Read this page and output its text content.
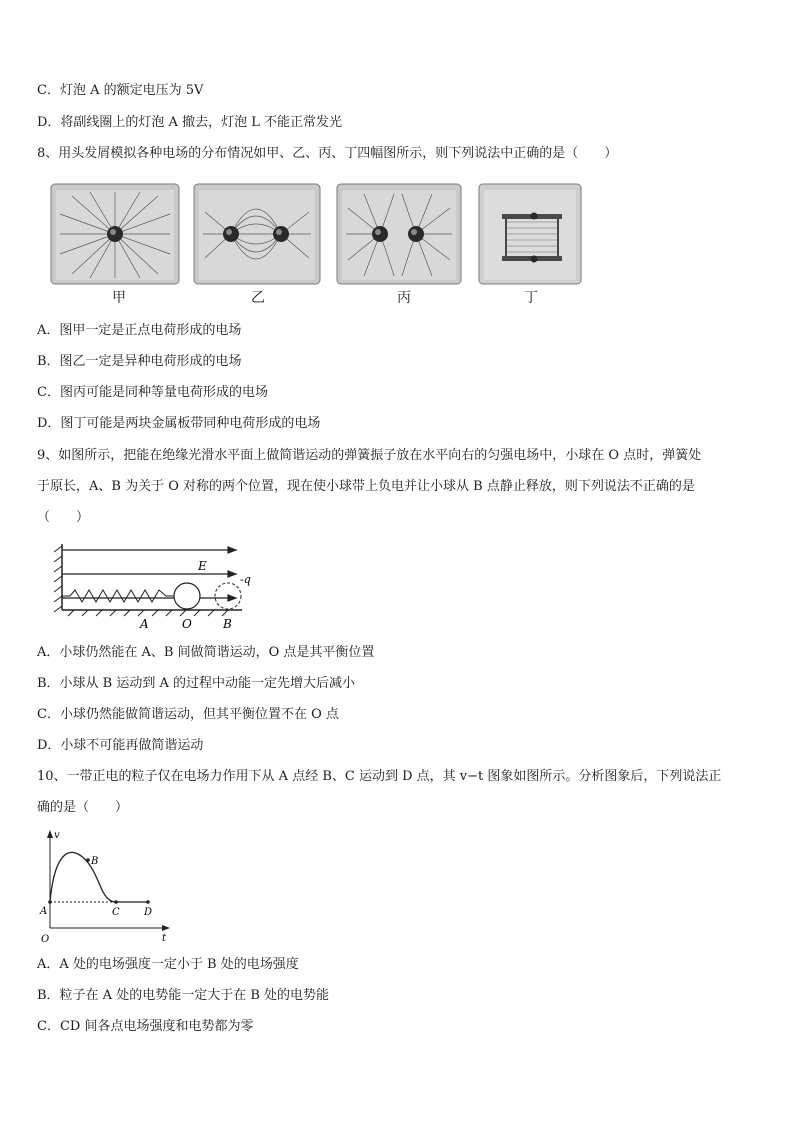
C．灯泡 A 的额定电压为 5V
D．将副线圈上的灯泡 A 撤去，灯泡 L 不能正常发光
8、用头发屑模拟各种电场的分布情况如甲、乙、丙、丁四幅图所示，则下列说法中正确的是（　　）
甲	乙	丙	丁
A．图甲一定是正点电荷形成的电场
B．图乙一定是异种电荷形成的电场
C．图丙可能是同种等量电荷形成的电场
D．图丁可能是两块金属板带同种电荷形成的电场
9、如图所示，把能在绝缘光滑水平面上做简谐运动的弹簧振子放在水平向右的匀强电场中，小球在 O 点时，弹簧处
于原长，A、B 为关于 O 对称的两个位置，现在使小球带上负电并让小球从 B 点静止释放，则下列说法不正确的是
（　　）
E
-q
A	O	B
A．小球仍然能在 A、B 间做简谐运动，O 点是其平衡位置
B．小球从 B 运动到 A 的过程中动能一定先增大后减小
C．小球仍然能做简谐运动，但其平衡位置不在 O 点
D．小球不可能再做简谐运动
10、一带正电的粒子仅在电场力作用下从 A 点经 B、C 运动到 D 点，其 v−t 图象如图所示。分析图象后，下列说法正
确的是（　　）
v
t
O
A
B
C D
A．A 处的电场强度一定小于 B 处的电场强度
B．粒子在 A 处的电势能一定大于在 B 处的电势能
C．CD 间各点电场强度和电势都为零
